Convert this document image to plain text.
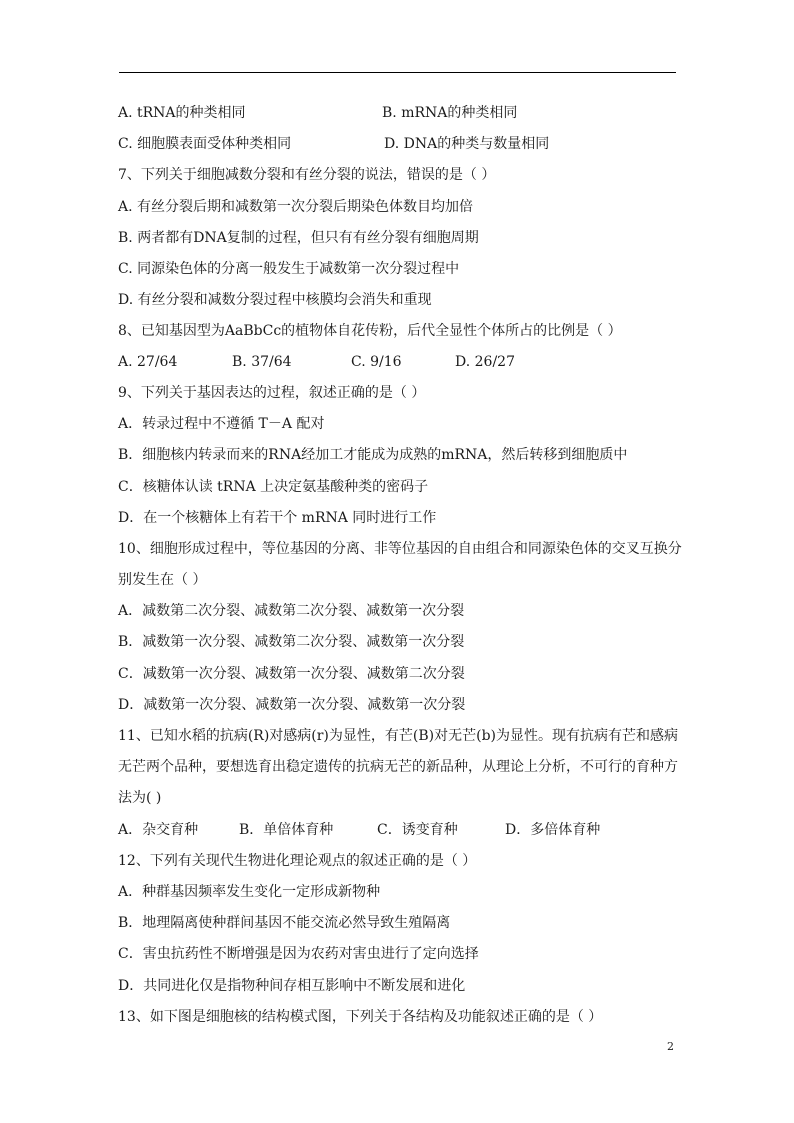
A. tRNA的种类相同	B. mRNA的种类相同
C. 细胞膜表面受体种类相同	D. DNA的种类与数量相同
7、下列关于细胞减数分裂和有丝分裂的说法，错误的是（ ）
A. 有丝分裂后期和减数第一次分裂后期染色体数目均加倍
B. 两者都有DNA复制的过程，但只有有丝分裂有细胞周期
C. 同源染色体的分离一般发生于减数第一次分裂过程中
D. 有丝分裂和减数分裂过程中核膜均会消失和重现
8、已知基因型为AaBbCc的植物体自花传粉，后代全显性个体所占的比例是（ ）
A. 27/64	B. 37/64	C. 9/16	D. 26/27
9、下列关于基因表达的过程，叙述正确的是（ ）
A．转录过程中不遵循 T－A 配对
B．细胞核内转录而来的RNA经加工才能成为成熟的mRNA，然后转移到细胞质中
C．核糖体认读 tRNA 上决定氨基酸种类的密码子
D．在一个核糖体上有若干个 mRNA 同时进行工作
10、细胞形成过程中，等位基因的分离、非等位基因的自由组合和同源染色体的交叉互换分
别发生在（ ）
A．减数第二次分裂、减数第二次分裂、减数第一次分裂
B．减数第一次分裂、减数第二次分裂、减数第一次分裂
C．减数第一次分裂、减数第一次分裂、减数第二次分裂
D．减数第一次分裂、减数第一次分裂、减数第一次分裂
11、已知水稻的抗病(R)对感病(r)为显性，有芒(B)对无芒(b)为显性。现有抗病有芒和感病
无芒两个品种，要想选育出稳定遗传的抗病无芒的新品种，从理论上分析，不可行的育种方
法为( )
A．杂交育种	B．单倍体育种	C．诱变育种	D．多倍体育种
12、下列有关现代生物进化理论观点的叙述正确的是（ ）
A．种群基因频率发生变化一定形成新物种
B．地理隔离使种群间基因不能交流必然导致生殖隔离
C．害虫抗药性不断增强是因为农药对害虫进行了定向选择
D．共同进化仅是指物种间存相互影响中不断发展和进化
13、如下图是细胞核的结构模式图，下列关于各结构及功能叙述正确的是（ ）
2
